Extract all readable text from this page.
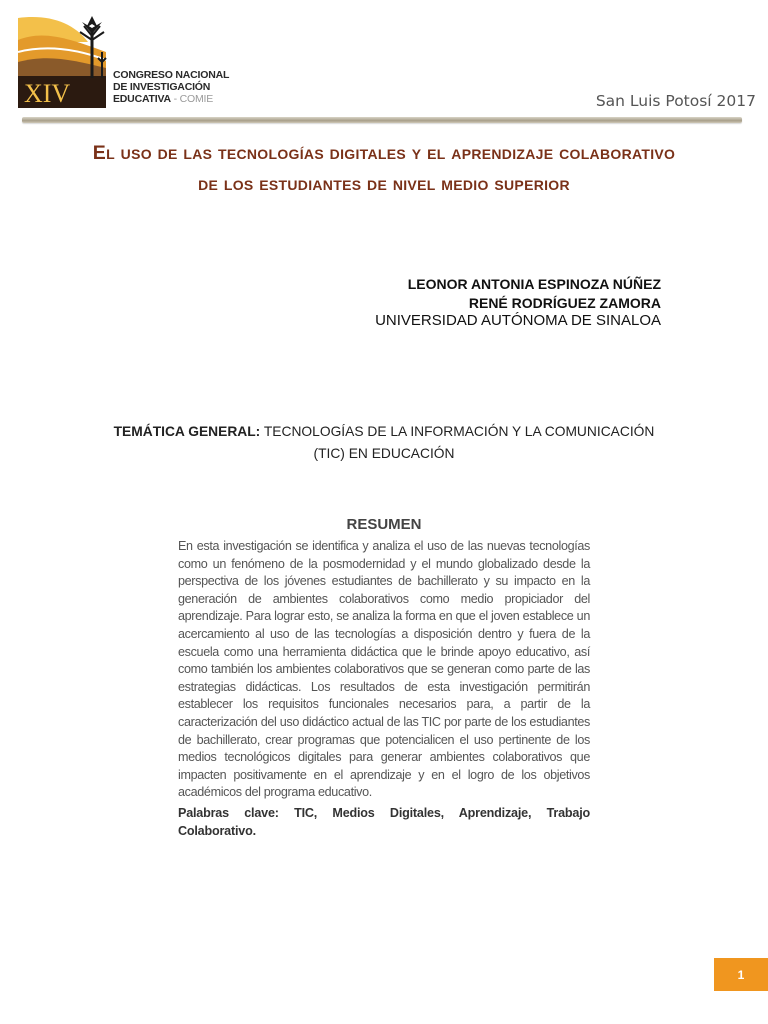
XIV
CONGRESO NACIONAL
DE INVESTIGACIÓN
EDUCATIVA - COMIE	San Luis Potosí 2017
El uso de las tecnologías digitales y el aprendizaje colaborativo de los estudiantes de nivel medio superior
LEONOR ANTONIA ESPINOZA NÚÑEZ
RENÉ RODRÍGUEZ ZAMORA
UNIVERSIDAD AUTÓNOMA DE SINALOA
TEMÁTICA GENERAL: TECNOLOGÍAS DE LA INFORMACIÓN Y LA COMUNICACIÓN (TIC) EN EDUCACIÓN
RESUMEN
En esta investigación se identifica y analiza el uso de las nuevas tecnologías como un fenómeno de la posmodernidad y el mundo globalizado desde la perspectiva de los jóvenes estudiantes de bachillerato y su impacto en la generación de ambientes colaborativos como medio propiciador del aprendizaje. Para lograr esto, se analiza la forma en que el joven establece un acercamiento al uso de las tecnologías a disposición dentro y fuera de la escuela como una herramienta didáctica que le brinde apoyo educativo, así como también los ambientes colaborativos que se generan como parte de las estrategias didácticas. Los resultados de esta investigación permitirán establecer los requisitos funcionales necesarios para, a partir de la caracterización del uso didáctico actual de las TIC por parte de los estudiantes de bachillerato, crear programas que potencialicen el uso pertinente de los medios tecnológicos digitales para generar ambientes colaborativos que impacten positivamente en el aprendizaje y en el logro de los objetivos académicos del programa educativo.
Palabras clave: TIC, Medios Digitales, Aprendizaje, Trabajo Colaborativo.
1
